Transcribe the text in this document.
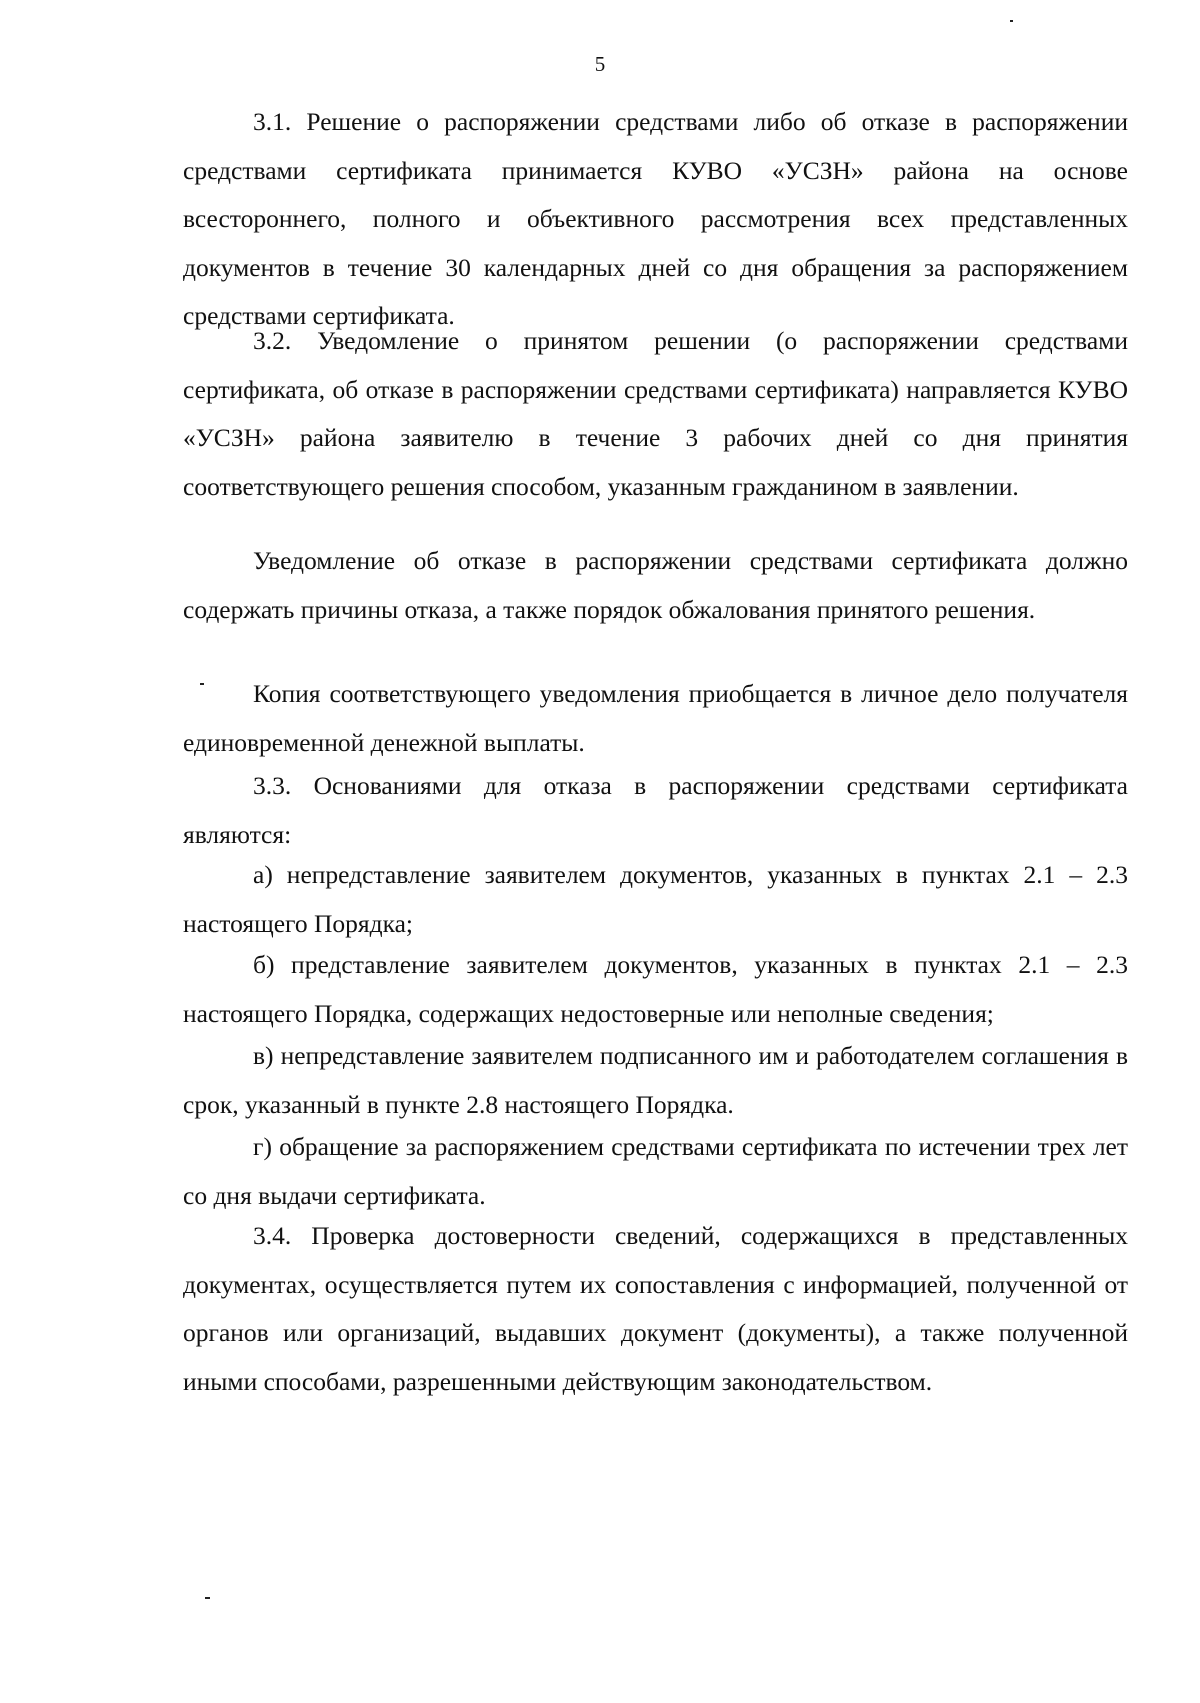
5

3.1. Решение о распоряжении средствами либо об отказе в распоряжении средствами сертификата принимается КУВО «УСЗН» района на основе всестороннего, полного и объективного рассмотрения всех представленных документов в течение 30 календарных дней со дня обращения за распоряжением средствами сертификата.

3.2. Уведомление о принятом решении (о распоряжении средствами сертификата, об отказе в распоряжении средствами сертификата) направляется КУВО «УСЗН» района заявителю в течение 3 рабочих дней со дня принятия соответствующего решения способом, указанным гражданином в заявлении.

Уведомление об отказе в распоряжении средствами сертификата должно содержать причины отказа, а также порядок обжалования принятого решения.

Копия соответствующего уведомления приобщается в личное дело получателя единовременной денежной выплаты.

3.3. Основаниями для отказа в распоряжении средствами сертификата являются:

а) непредставление заявителем документов, указанных в пунктах 2.1 – 2.3 настоящего Порядка;

б) представление заявителем документов, указанных в пунктах 2.1 – 2.3 настоящего Порядка, содержащих недостоверные или неполные сведения;

в) непредставление заявителем подписанного им и работодателем соглашения в срок, указанный в пункте 2.8 настоящего Порядка.

г) обращение за распоряжением средствами сертификата по истечении трех лет со дня выдачи сертификата.

3.4. Проверка достоверности сведений, содержащихся в представленных документах, осуществляется путем их сопоставления с информацией, полученной от органов или организаций, выдавших документ (документы), а также полученной иными способами, разрешенными действующим законодательством.
